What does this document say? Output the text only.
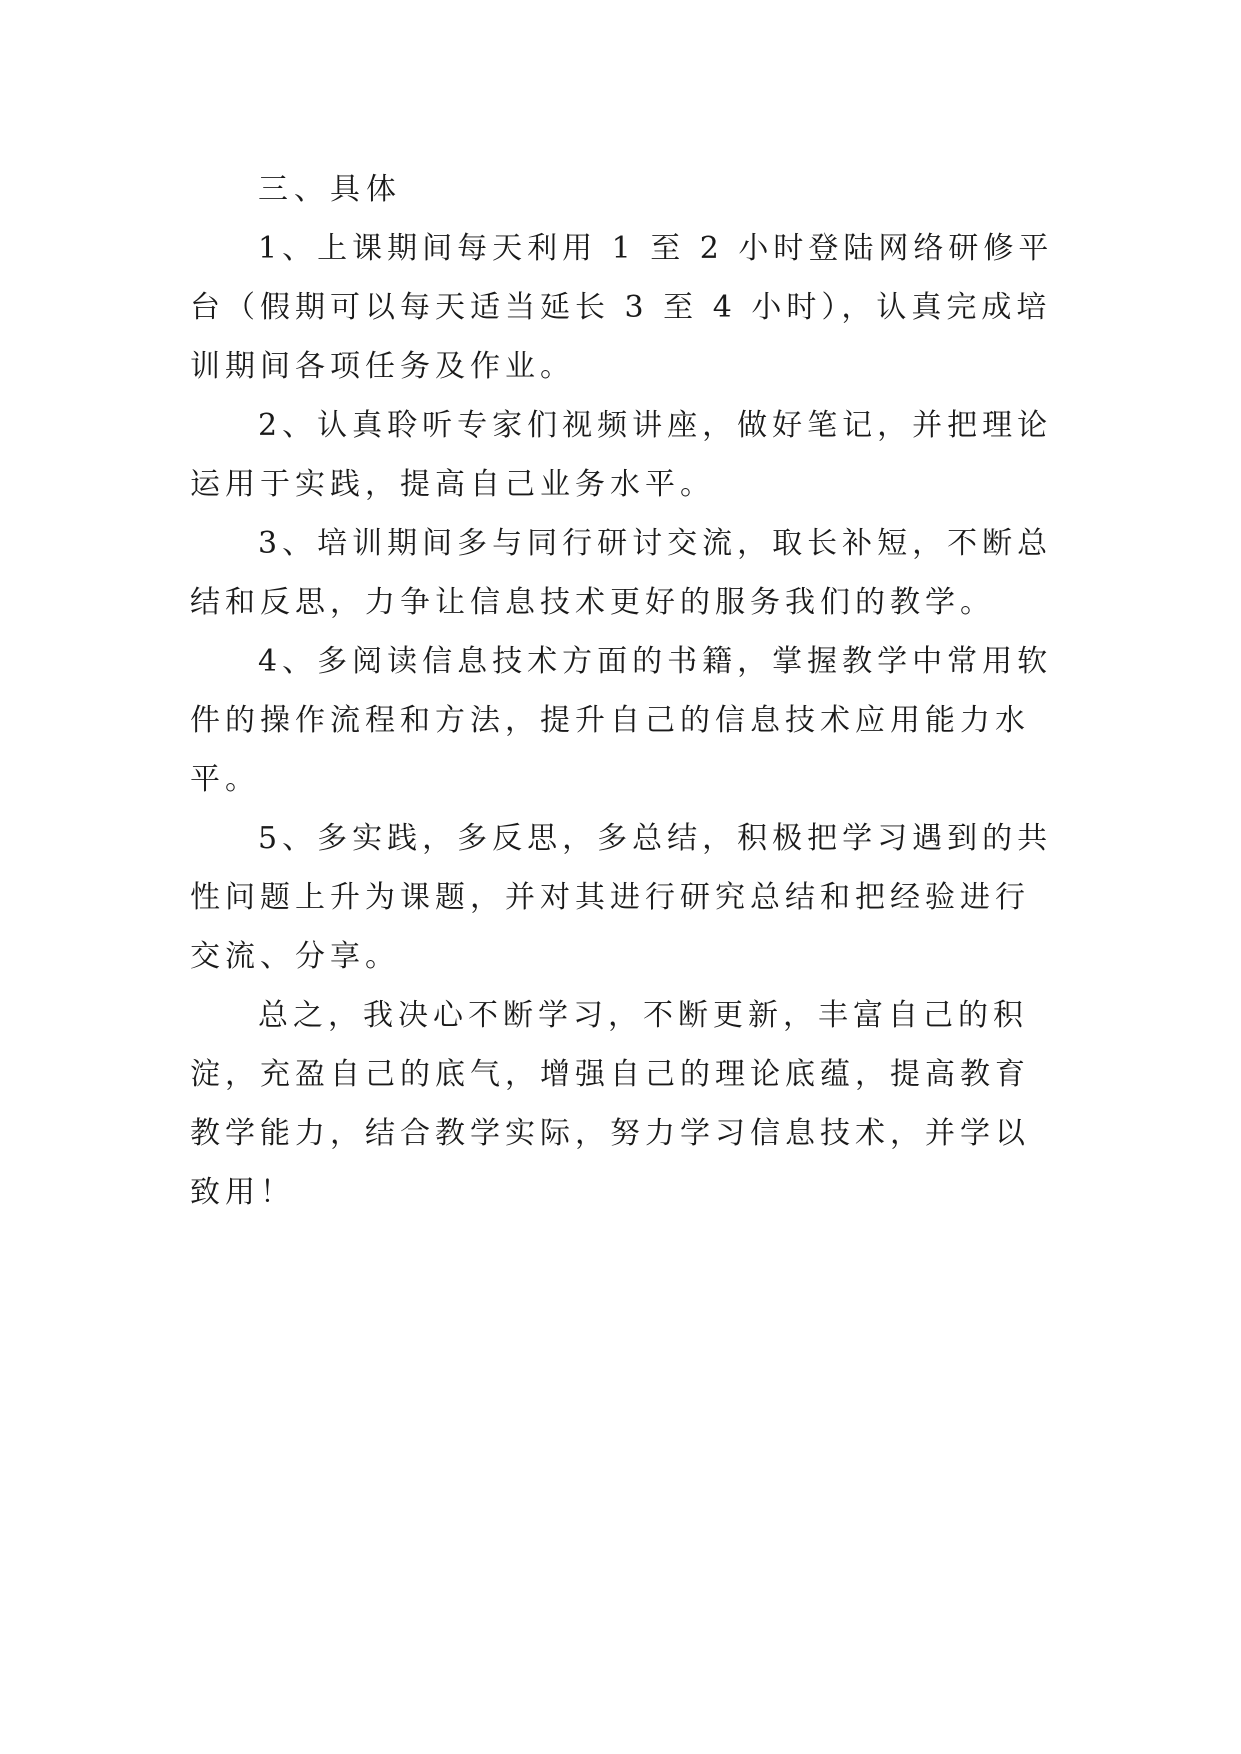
三、具体

1、上课期间每天利用 1 至 2 小时登陆网络研修平台（假期可以每天适当延长 3 至 4 小时），认真完成培训期间各项任务及作业。

2、认真聆听专家们视频讲座，做好笔记，并把理论运用于实践，提高自己业务水平。

3、培训期间多与同行研讨交流，取长补短，不断总结和反思，力争让信息技术更好的服务我们的教学。

4、多阅读信息技术方面的书籍，掌握教学中常用软件的操作流程和方法，提升自己的信息技术应用能力水平。

5、多实践，多反思，多总结，积极把学习遇到的共性问题上升为课题，并对其进行研究总结和把经验进行交流、分享。

总之，我决心不断学习，不断更新，丰富自己的积淀，充盈自己的底气，增强自己的理论底蕴，提高教育教学能力，结合教学实际，努力学习信息技术，并学以致用！
